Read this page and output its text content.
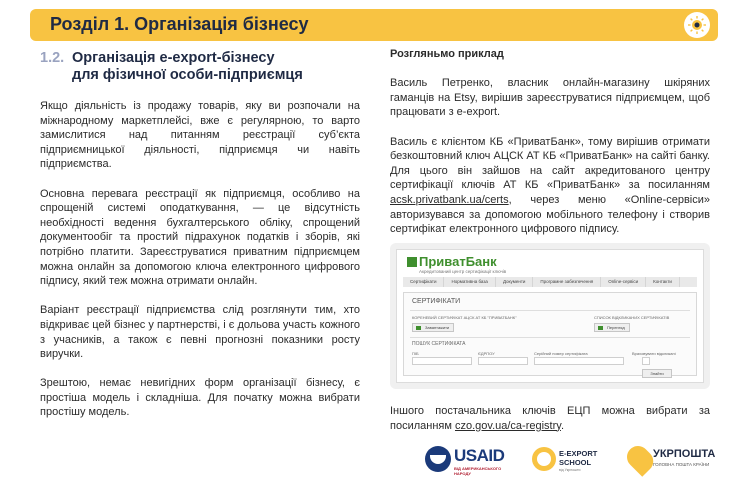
Розділ 1. Організація бізнесу
1.2. Організація е-export-бізнесу
для фізичної особи-підприємця

Якщо діяльність із продажу товарів, яку ви розпочали на міжнародному маркетплейсі, вже є регулярною, то варто замислитися над питанням реєстрації суб’єкта підприємницької діяльності, підприємця чи навіть підприємства.

Основна перевага реєстрації як підприємця, особливо на спрощеній системі оподаткування, — це відсутність необхідності ведення бухгалтерського обліку, спрощений документообіг та простий підрахунок податків і зборів, які потрібно платити. Зареєструватися приватним підприємцем можна онлайн за допомогою ключа електронного цифрового підпису, який теж можна отримати онлайн.

Варіант реєстрації підприємства слід розглянути тим, хто відкриває цей бізнес у партнерстві, і є дольова участь кожного з учасників, а також є певні прогнозні показники росту виручки.

Зрештою, немає невигідних форм організації бізнесу, є простіша модель і складніша. Для початку можна вибрати простішу модель.

Розгляньмо приклад

Василь Петренко, власник онлайн-магазину шкіряних гаманців на Etsy, вирішив зареєструватися підприємцем, щоб працювати з е-export.

Василь є клієнтом КБ «ПриватБанк», тому вирішив отримати безкоштовний ключ АЦСК АТ КБ «ПриватБанк» на сайті банку. Для цього він зайшов на сайт акредитованого центру сертифікації ключів АТ КБ «ПриватБанк» за посиланням acsk.privatbank.ua/certs, через меню «Online-сервіси» авторизувався за допомогою мобільного телефону і створив сертифікат електронного цифрового підпису.

ПриватБанк
Акредитований центр сертифікації ключів
Сертифікати	Нормативна база	Документи	Програмне забезпечення	Online-сервіси	Контакти
СЕРТИФІКАТИ
КОРЕНЕВИЙ СЕРТИФІКАТ АЦСК АТ КБ "ПРИВАТБАНК"
Завантажити
СПИСОК ВІДКЛИКАНИХ СЕРТИФІКАТІВ
Перегляд
ПОШУК СЕРТИФІКАТА
ПІБ	ЄДРПОУ	Серійний номер сертифіката	Враховувати відкликані
Знайти
Іншого постачальника ключів ЕЦП можна вибрати за посиланням czo.gov.ua/ca-registry.
USAID
ВІД АМЕРИКАНСЬКОГО НАРОДУ
E-EXPORT
SCHOOL
від Укрпошти
УКРПОШТА
ГОЛОВНА ПОШТА КРАЇНИ
